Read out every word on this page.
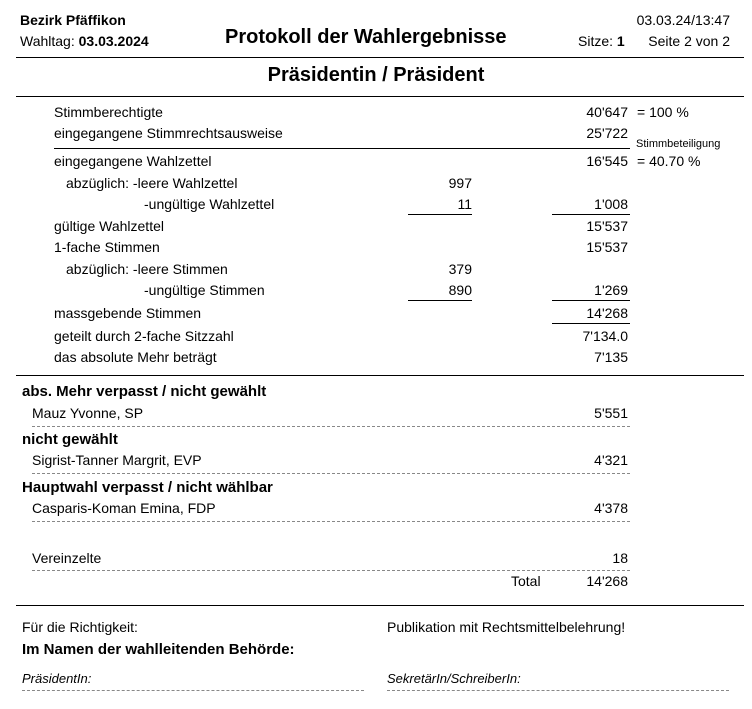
Bezirk Pfäffikon
Wahltag: 03.03.2024	Protokoll der Wahlergebnisse
03.03.24/13:47
Sitze: 1 Seite 2 von 2
Präsidentin / Präsident
Stimmberechtigte	40'647 = 100 %
eingegangene Stimmrechtsausweise	25'722
Stimmbeteiligung
eingegangene Wahlzettel	16'545 = 40.70 %
abzüglich: -leere Wahlzettel	997
-ungültige Wahlzettel	11	1'008
gültige Wahlzettel	15'537
1-fache Stimmen	15'537
abzüglich: -leere Stimmen	379
-ungültige Stimmen	890	1'269
massgebende Stimmen	14'268
geteilt durch 2-fache Sitzzahl	7'134.0
das absolute Mehr beträgt	7'135
abs. Mehr verpasst / nicht gewählt
Mauz Yvonne, SP	5'551
nicht gewählt
Sigrist-Tanner Margrit, EVP	4'321
Hauptwahl verpasst / nicht wählbar
Casparis-Koman Emina, FDP	4'378
Vereinzelte	18
Total	14'268
Für die Richtigkeit:
Im Namen der wahlleitenden Behörde:
Publikation mit Rechtsmittelbelehrung!
PräsidentIn:	SekretärIn/SchreiberIn:
